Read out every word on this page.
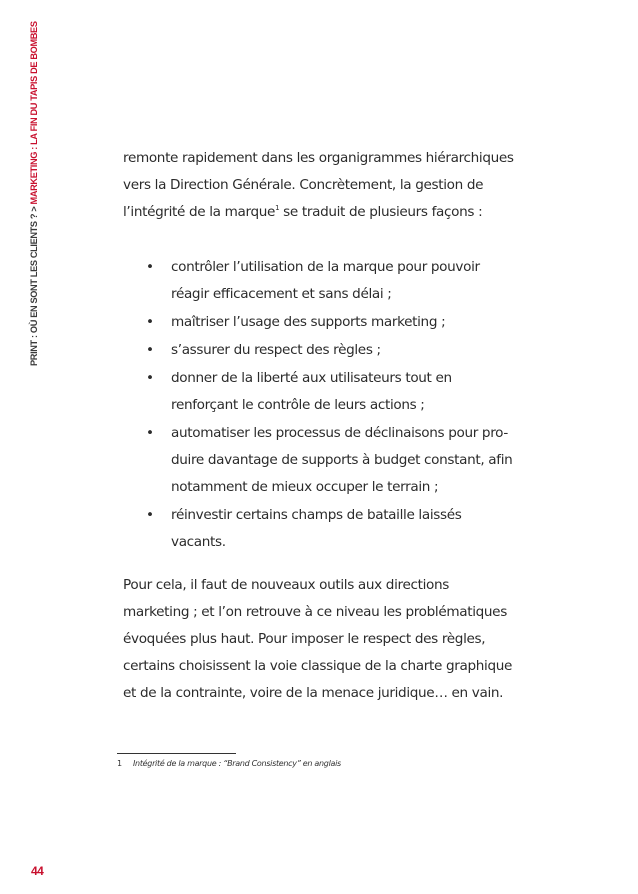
PRINT : OÙ EN SONT LES CLIENTS ? > MARKETING : LA FIN DU TAPIS DE BOMBES	remonte rapidement dans les organigrammes hiérarchiques vers la Direction Générale. Concrètement, la gestion de l’intégrité de la marque$^1$ se traduit de plusieurs façons :

•	contrôler l’utilisation de la marque pour pouvoir réagir efficacement et sans délai ;
•	maîtriser l’usage des supports marketing ;
•	s’assurer du respect des règles ;
•	donner de la liberté aux utilisateurs tout en renforçant le contrôle de leurs actions ;
•	automatiser les processus de déclinaisons pour pro-duire davantage de supports à budget constant, afin notamment de mieux occuper le terrain ;
•	réinvestir certains champs de bataille laissés vacants.

Pour cela, il faut de nouveaux outils aux directions marketing ; et l’on retrouve à ce niveau les problématiques évoquées plus haut. Pour imposer le respect des règles, certains choisissent la voie classique de la charte graphique et de la contrainte, voire de la menace juridique… en vain.

1 Intégrité de la marque : “Brand Consistency” en anglais
44
